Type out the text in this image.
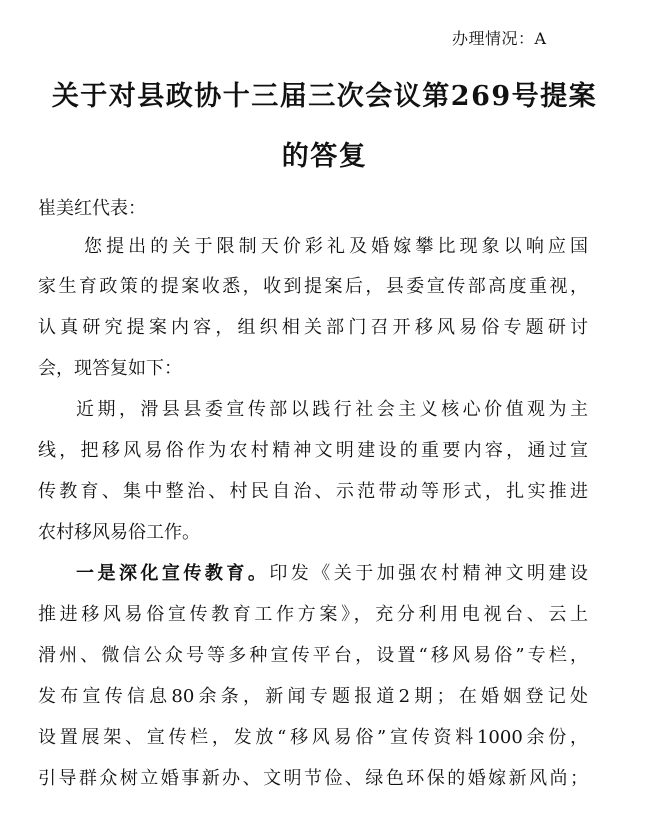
办理情况：A
关于对县政协十三届三次会议第269号提案
的答复
崔美红代表：
您提出的关于限制天价彩礼及婚嫁攀比现象以响应国
家生育政策的提案收悉，收到提案后，县委宣传部高度重视，
认真研究提案内容，组织相关部门召开移风易俗专题研讨
会，现答复如下：
近期，滑县县委宣传部以践行社会主义核心价值观为主
线，把移风易俗作为农村精神文明建设的重要内容，通过宣
传教育、集中整治、村民自治、示范带动等形式，扎实推进
农村移风易俗工作。
一是深化宣传教育。印发《关于加强农村精神文明建设
推进移风易俗宣传教育工作方案》，充分利用电视台、云上
滑州、微信公众号等多种宣传平台，设置“移风易俗”专栏，
发布宣传信息80余条，新闻专题报道2期；在婚姻登记处
设置展架、宣传栏，发放“移风易俗”宣传资料1000余份，
引导群众树立婚事新办、文明节俭、绿色环保的婚嫁新风尚；
